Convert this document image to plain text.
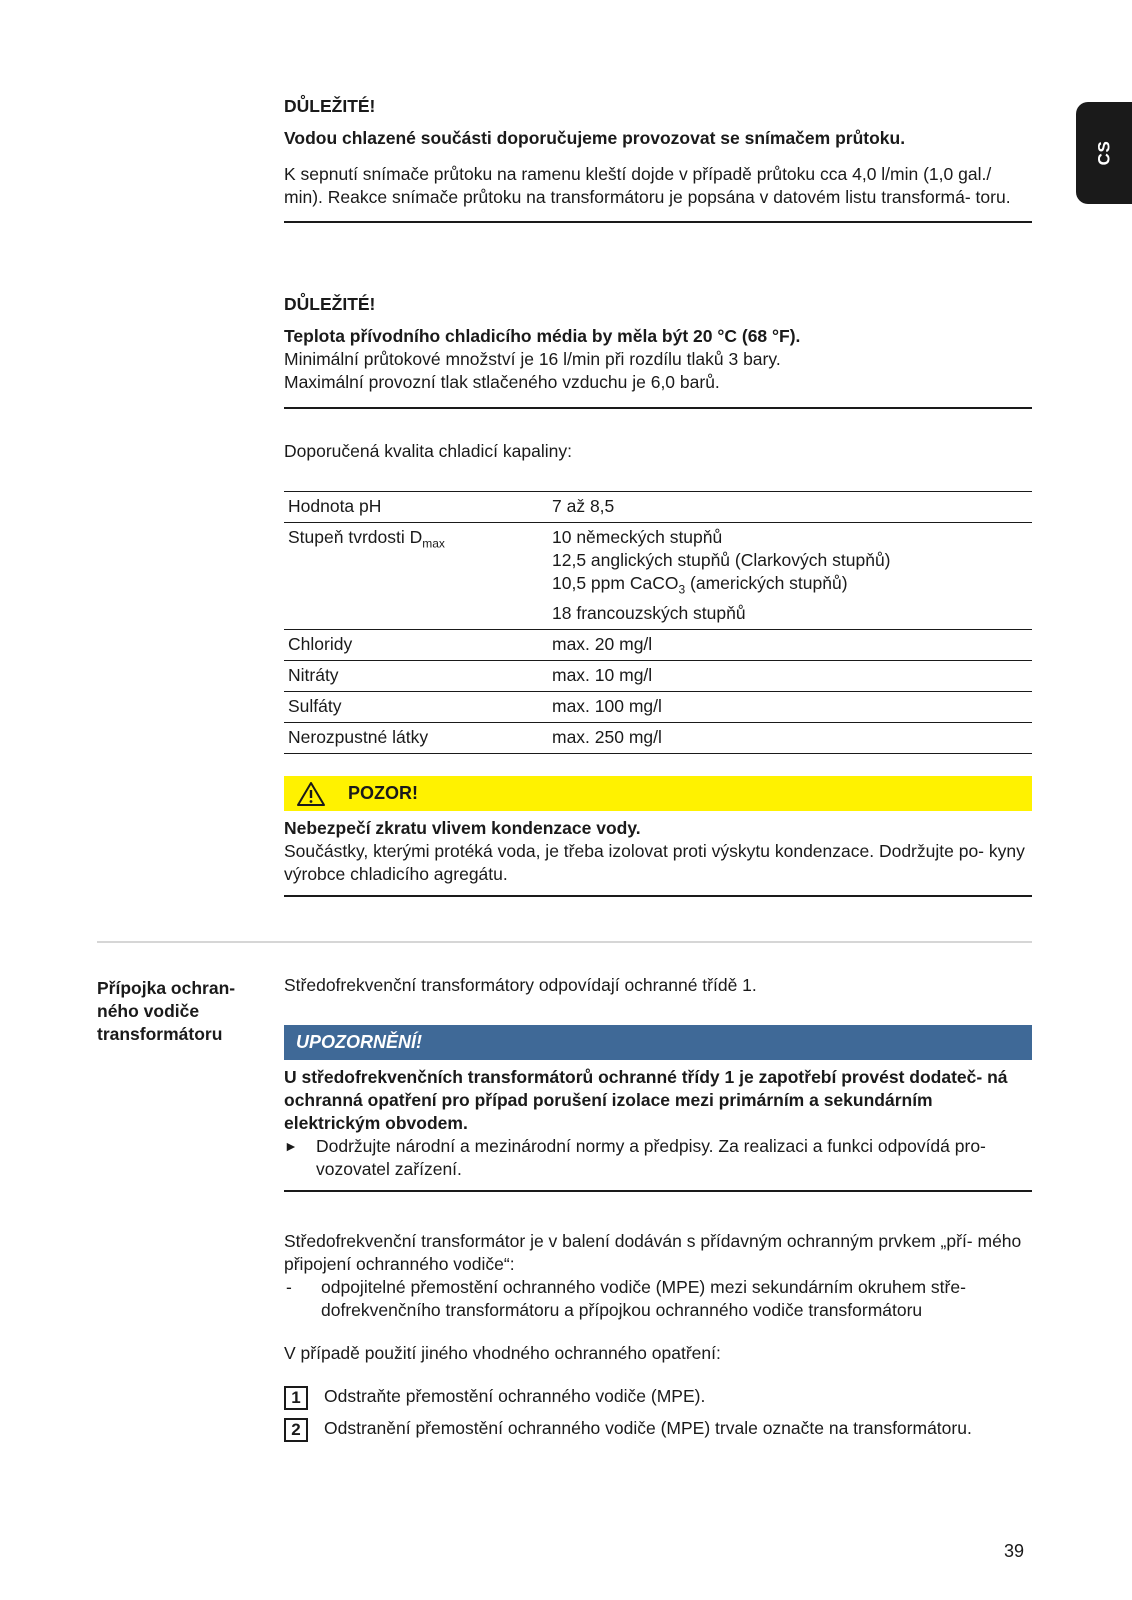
CS

DŮLEŽITÉ!

Vodou chlazené součásti doporučujeme provozovat se snímačem průtoku.

K sepnutí snímače průtoku na ramenu kleští dojde v případě průtoku cca 4,0 l/min (1,0 gal./ min). Reakce snímače průtoku na transformátoru je popsána v datovém listu transformá- toru.

DŮLEŽITÉ!

Teplota přívodního chladicího média by měla být 20 °C (68 °F).

Minimální průtokové množství je 16 l/min při rozdílu tlaků 3 bary.

Maximální provozní tlak stlačeného vzduchu je 6,0 barů.

Doporučená kvalita chladicí kapaliny:

Hodnota pH	7 až 8,5
Stupeň tvrdosti $D_{max}$	10 německých stupňů
12,5 anglických stupňů (Clarkových stupňů)
10,5 ppm CaCO$_3$ (amerických stupňů)
18 francouzských stupňů

Chloridy	max. 20 mg/l
Nitráty	max. 10 mg/l
Sulfáty	max. 100 mg/l
Nerozpustné látky	max. 250 mg/l
POZOR!

Nebezpečí zkratu vlivem kondenzace vody.

Součástky, kterými protéká voda, je třeba izolovat proti výskytu kondenzace. Dodržujte po- kyny výrobce chladicího agregátu.

Přípojka ochran- ného vodiče transformátoru

Středofrekvenční transformátory odpovídají ochranné třídě 1.

UPOZORNĚNÍ!

U středofrekvenčních transformátorů ochranné třídy 1 je zapotřebí provést dodateč- ná ochranná opatření pro případ porušení izolace mezi primárním a sekundárním elektrickým obvodem.

►	Dodržujte národní a mezinárodní normy a předpisy. Za realizaci a funkci odpovídá pro- vozovatel zařízení.

Středofrekvenční transformátor je v balení dodáván s přídavným ochranným prvkem „pří- mého připojení ochranného vodiče“:

-	odpojitelné přemostění ochranného vodiče (MPE) mezi sekundárním okruhem stře- dofrekvenčního transformátoru a přípojkou ochranného vodiče transformátoru

V případě použití jiného vhodného ochranného opatření:

1	Odstraňte přemostění ochranného vodiče (MPE).
2	Odstranění přemostění ochranného vodiče (MPE) trvale označte na transformátoru.
39
